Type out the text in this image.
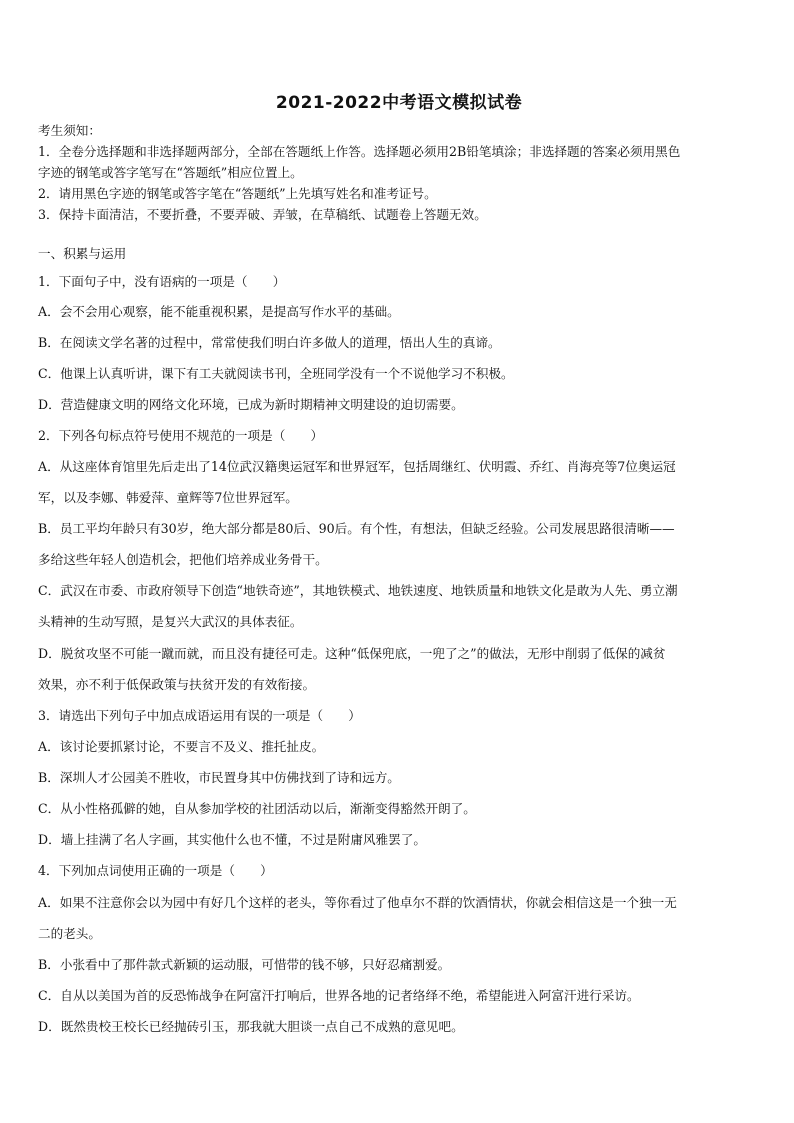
2021-2022中考语文模拟试卷
考生须知：
1．全卷分选择题和非选择题两部分，全部在答题纸上作答。选择题必须用2B铅笔填涂；非选择题的答案必须用黑色
字迹的钢笔或答字笔写在“答题纸”相应位置上。
2．请用黑色字迹的钢笔或答字笔在“答题纸”上先填写姓名和准考证号。
3．保持卡面清洁，不要折叠，不要弄破、弄皱，在草稿纸、试题卷上答题无效。
一、积累与运用
1．下面句子中，没有语病的一项是（　　）
A．会不会用心观察，能不能重视积累，是提高写作水平的基础。
B．在阅读文学名著的过程中，常常使我们明白许多做人的道理，悟出人生的真谛。
C．他课上认真听讲，课下有工夫就阅读书刊，全班同学没有一个不说他学习不积极。
D．营造健康文明的网络文化环境，已成为新时期精神文明建设的迫切需要。
2．下列各句标点符号使用不规范的一项是（　　）
A．从这座体育馆里先后走出了14位武汉籍奥运冠军和世界冠军，包括周继红、伏明霞、乔红、肖海亮等7位奥运冠
军，以及李娜、韩爱萍、童辉等7位世界冠军。
B．员工平均年龄只有30岁，绝大部分都是80后、90后。有个性，有想法，但缺乏经验。公司发展思路很清晰——
多给这些年轻人创造机会，把他们培养成业务骨干。
C．武汉在市委、市政府领导下创造“地铁奇迹”，其地铁模式、地铁速度、地铁质量和地铁文化是敢为人先、勇立潮
头精神的生动写照，是复兴大武汉的具体表征。
D．脱贫攻坚不可能一蹴而就，而且没有捷径可走。这种“低保兜底，一兜了之”的做法，无形中削弱了低保的减贫
效果，亦不利于低保政策与扶贫开发的有效衔接。
3．请选出下列句子中加点成语运用有误的一项是（　　）
A．该讨论要抓紧讨论，不要言不及义、推托扯皮。
B．深圳人才公园美不胜收，市民置身其中仿佛找到了诗和远方。
C．从小性格孤僻的她，自从参加学校的社团活动以后，渐渐变得豁然开朗了。
D．墙上挂满了名人字画，其实他什么也不懂，不过是附庸风雅罢了。
4．下列加点词使用正确的一项是（　　）
A．如果不注意你会以为园中有好几个这样的老头，等你看过了他卓尔不群的饮酒情状，你就会相信这是一个独一无
二的老头。
B．小张看中了那件款式新颖的运动服，可惜带的钱不够，只好忍痛割爱。
C．自从以美国为首的反恐怖战争在阿富汗打响后，世界各地的记者络绎不绝，希望能进入阿富汗进行采访。
D．既然贵校王校长已经抛砖引玉，那我就大胆谈一点自己不成熟的意见吧。
